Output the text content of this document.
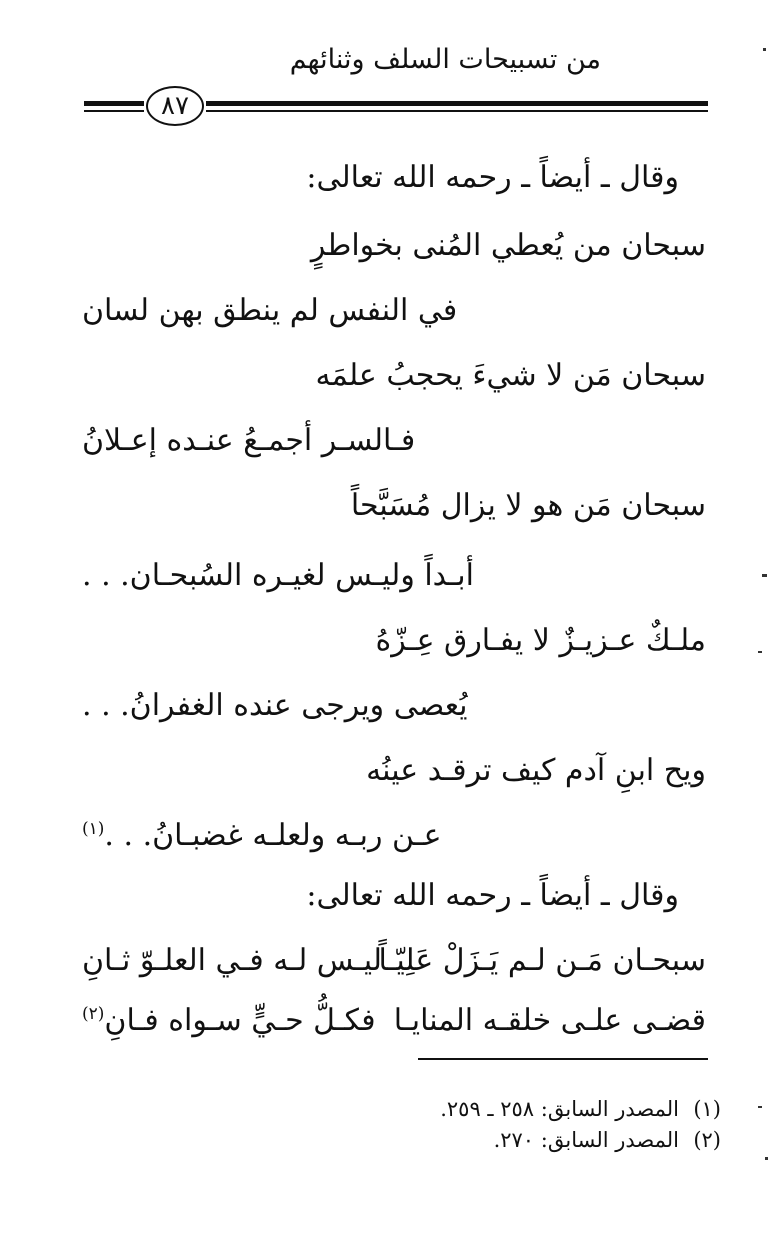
من تسبيحات السلف وثنائهم
٨٧
وقال ـ أيضاً ـ رحمه الله تعالى:
سبحان من يُعطي المُنى بخواطرٍ
في النفس لم ينطق بهن لسان
سبحان مَن لا شيءَ يحجبُ علمَه
فـالسـر أجمـعُ عنـده إعـلانُ
سبحان مَن هو لا يزال مُسَبَّحاً
أبـداً وليـس لغيـره السُبحـان. . .
ملـكٌ عـزيـزٌ لا يفـارق عِـزّهُ
يُعصى ويرجى عنده الغفرانُ. . .
ويح ابنِ آدم كيف ترقـد عينُه
عـن ربـه ولعلـه غضبـانُ. . .$^{(١)}$
وقال ـ أيضاً ـ رحمه الله تعالى:
سبحـان مَـن لـم يَـزَلْ عَلِيّـاً
ليـس لـه فـي العلـوّ ثـانِ
قضـى علـى خلقـه المنايـا
فكـلُّ حـيٍّ سـواه فـانِ$^{(٢)}$
(١)المصدر السابق: ٢٥٨ ـ ٢٥٩.
(٢)المصدر السابق: ٢٧٠.
